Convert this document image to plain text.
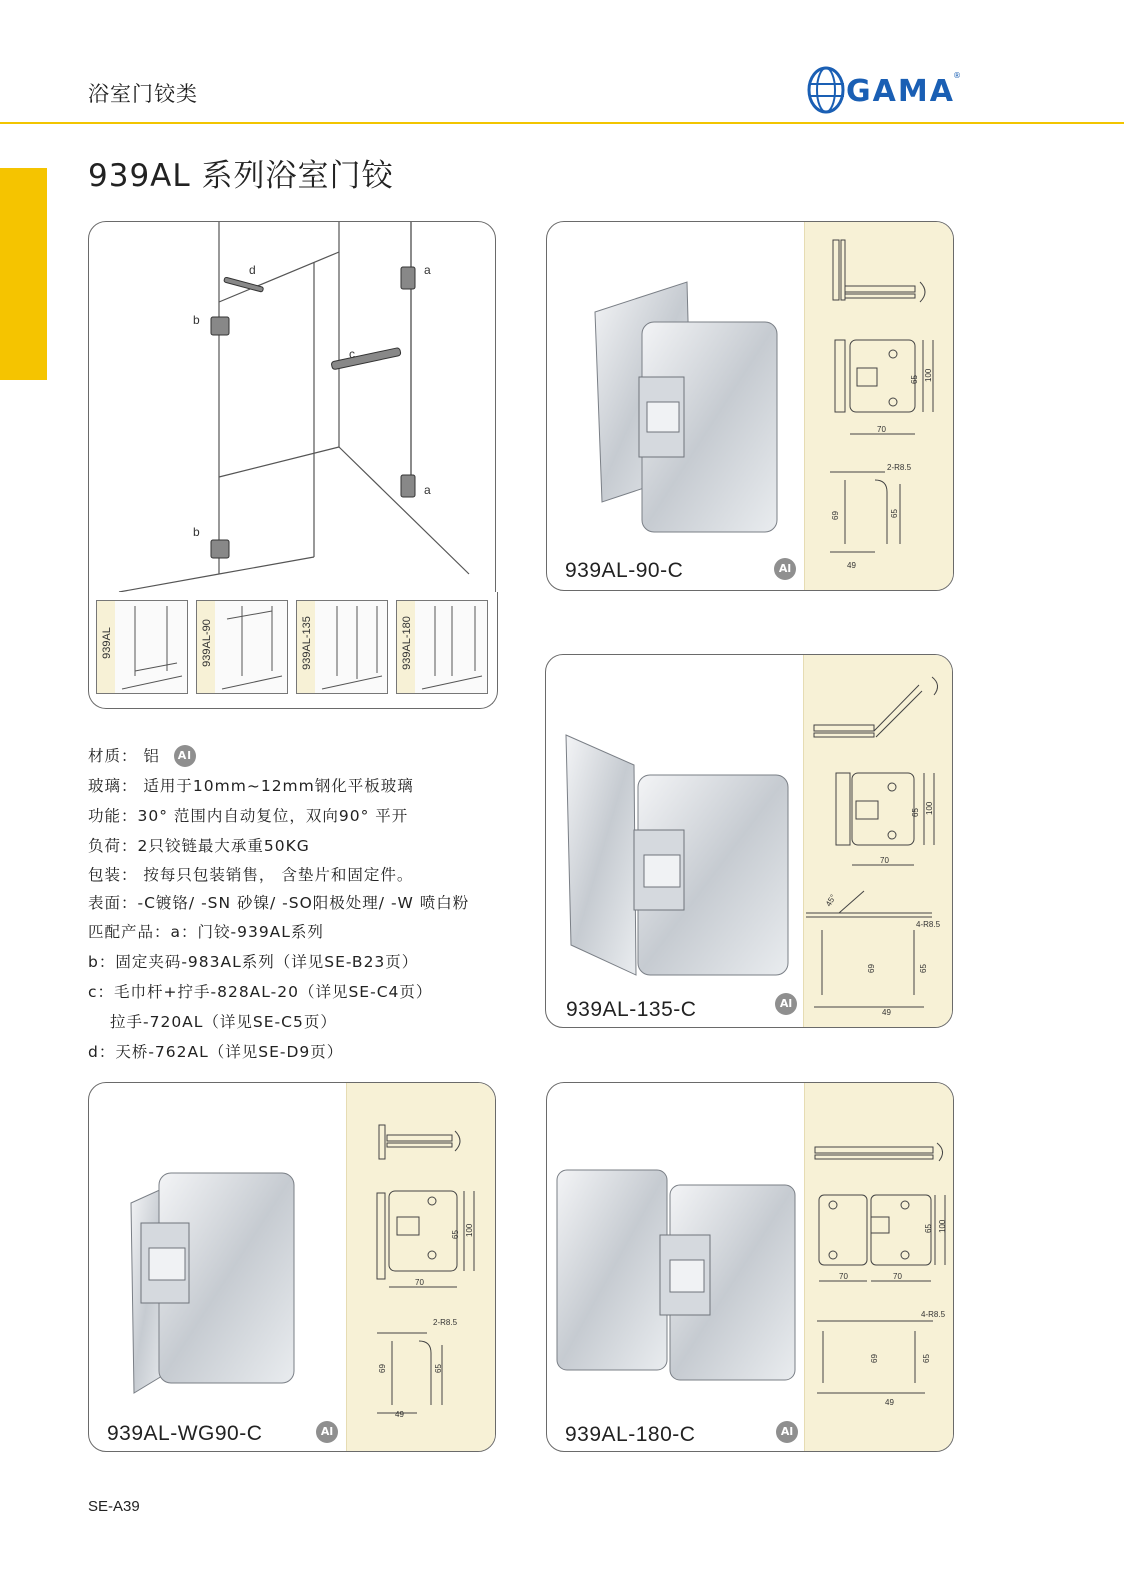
浴室门铰类	GAMA
®
939AL 系列浴室门铰
a
a
b
b
c
d
939AL	939AL-90	939AL-135	939AL-180
材质： 铝 Al
玻璃： 适用于10mm~12mm钢化平板玻璃
功能：30° 范围内自动复位，双向90° 平开
负荷：2只铰链最大承重50KG
包装： 按每只包装销售， 含垫片和固定件。
表面：-C镀铬/ -SN 砂镍/ -SO阳极处理/ -W 喷白粉
匹配产品：a：门铰-939AL系列
b：固定夹码-983AL系列（详见SE-B23页）
c：毛巾杆+拧手-828AL-20（详见SE-C4页）
拉手-720AL（详见SE-C5页）
d：天桥-762AL（详见SE-D9页）
70
65 100
2-R8.5
69	65
49
939AL-90-C	Al
45°
70
65 100
4-R8.5
69	65
49
939AL-135-C	Al
70
65 100
2-R8.5
69	65
49
939AL-WG90-C	Al
70	70
65 100
4-R8.5
69	65
49
939AL-180-C	Al
SE-A39
